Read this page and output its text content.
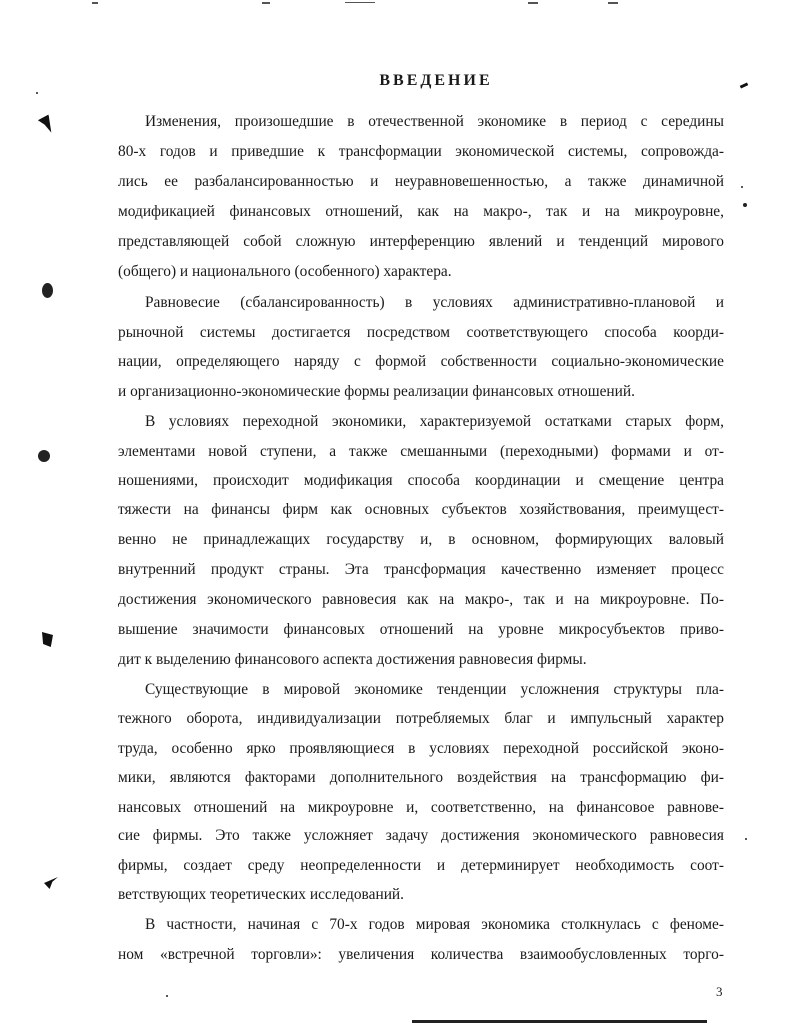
ВВЕДЕНИЕ
Изменения, произошедшие в отечественной экономике в период с середины
80-х годов и приведшие к трансформации экономической системы, сопровожда-
лись ее разбалансированностью и неуравновешенностью, а также динамичной
модификацией финансовых отношений, как на макро-, так и на микроуровне,
представляющей собой сложную интерференцию явлений и тенденций мирового
(общего) и национального (особенного) характера.
Равновесие (сбалансированность) в условиях административно-плановой и
рыночной системы достигается посредством соответствующего способа коорди-
нации, определяющего наряду с формой собственности социально-экономические
и организационно-экономические формы реализации финансовых отношений.
В условиях переходной экономики, характеризуемой остатками старых форм,
элементами новой ступени, а также смешанными (переходными) формами и от-
ношениями, происходит модификация способа координации и смещение центра
тяжести на финансы фирм как основных субъектов хозяйствования, преимущест-
венно не принадлежащих государству и, в основном, формирующих валовый
внутренний продукт страны. Эта трансформация качественно изменяет процесс
достижения экономического равновесия как на макро-, так и на микроуровне. По-
вышение значимости финансовых отношений на уровне микросубъектов приво-
дит к выделению финансового аспекта достижения равновесия фирмы.
Существующие в мировой экономике тенденции усложнения структуры пла-
тежного оборота, индивидуализации потребляемых благ и импульсный характер
труда, особенно ярко проявляющиеся в условиях переходной российской эконо-
мики, являются факторами дополнительного воздействия на трансформацию фи-
нансовых отношений на микроуровне и, соответственно, на финансовое равнове-
сие фирмы. Это также усложняет задачу достижения экономического равновесия
фирмы, создает среду неопределенности и детерминирует необходимость соот-
ветствующих теоретических исследований.
В частности, начиная с 70-х годов мировая экономика столкнулась с феноме-
ном «встречной торговли»: увеличения количества взаимообусловленных торго-
3
